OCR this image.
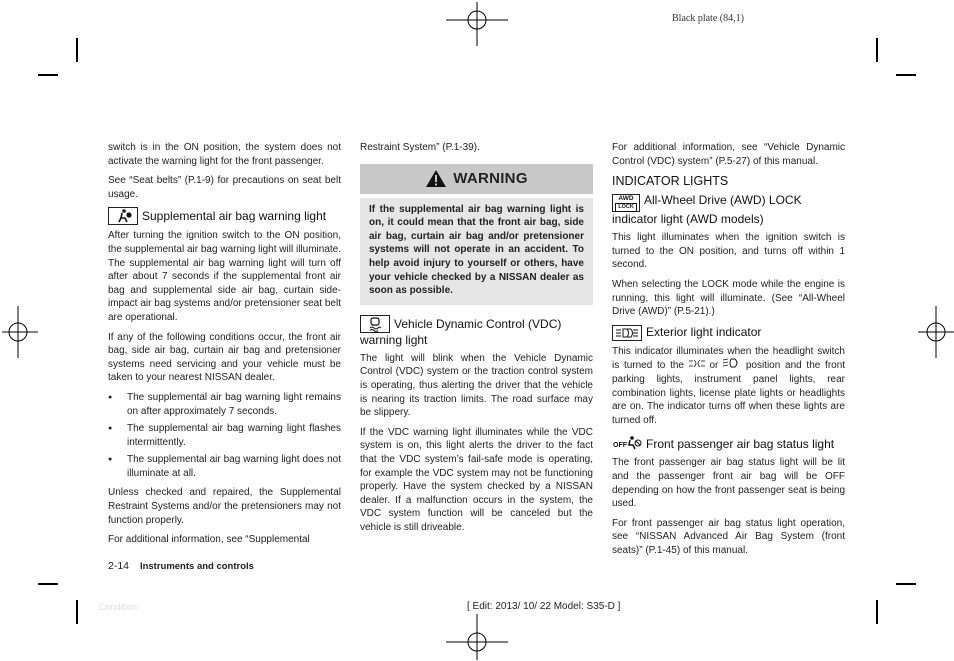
Black plate (84,1)

switch is in the ON position, the system does not activate the warning light for the front passenger.

See “Seat belts” (P.1-9) for precautions on seat belt usage.

Supplemental air bag warning light

After turning the ignition switch to the ON position, the supplemental air bag warning light will illuminate. The supplemental air bag warning light will turn off after about 7 seconds if the supplemental front air bag and supplemental side air bag, curtain side-impact air bag systems and/or pretensioner seat belt are operational.

If any of the following conditions occur, the front air bag, side air bag, curtain air bag and pretensioner systems need servicing and your vehicle must be taken to your nearest NISSAN dealer.

● The supplemental air bag warning light remains on after approximately 7 seconds.
● The supplemental air bag warning light flashes intermittently.
● The supplemental air bag warning light does not illuminate at all.

Unless checked and repaired, the Supplemental Restraint Systems and/or the pretensioners may not function properly.

For additional information, see “Supplemental

Restraint System” (P.1-39).

WARNING
If the supplemental air bag warning light is on, it could mean that the front air bag, side air bag, curtain air bag and/or pretensioner systems will not operate in an accident. To help avoid injury to yourself or others, have your vehicle checked by a NISSAN dealer as soon as possible.
Vehicle Dynamic Control (VDC) warning light

The light will blink when the Vehicle Dynamic Control (VDC) system or the traction control system is operating, thus alerting the driver that the vehicle is nearing its traction limits. The road surface may be slippery.

If the VDC warning light illuminates while the VDC system is on, this light alerts the driver to the fact that the VDC system’s fail-safe mode is operating, for example the VDC system may not be functioning properly. Have the system checked by a NISSAN dealer. If a malfunction occurs in the system, the VDC system function will be canceled but the vehicle is still driveable.

For additional information, see “Vehicle Dynamic Control (VDC) system” (P.5-27) of this manual.

INDICATOR LIGHTS
AWD
LOCK All-Wheel Drive (AWD) LOCK indicator light (AWD models)

This light illuminates when the ignition switch is turned to the ON position, and turns off within 1 second.

When selecting the LOCK mode while the engine is running, this light will illuminate. (See “All-Wheel Drive (AWD)” (P.5-21).)

Exterior light indicator

This indicator illuminates when the headlight switch is turned to the	or	position and the front parking lights, instrument panel lights, rear combination lights, license plate lights or headlights are on. The indicator turns off when these lights are turned off.

OFF Front passenger air bag status light

The front passenger air bag status light will be lit and the passenger front air bag will be OFF depending on how the front passenger seat is being used.

For front passenger air bag status light operation, see “NISSAN Advanced Air Bag System (front seats)” (P.1-45) of this manual.

2-14 Instruments and controls
Condition:	[ Edit: 2013/ 10/ 22 Model: S35-D ]
